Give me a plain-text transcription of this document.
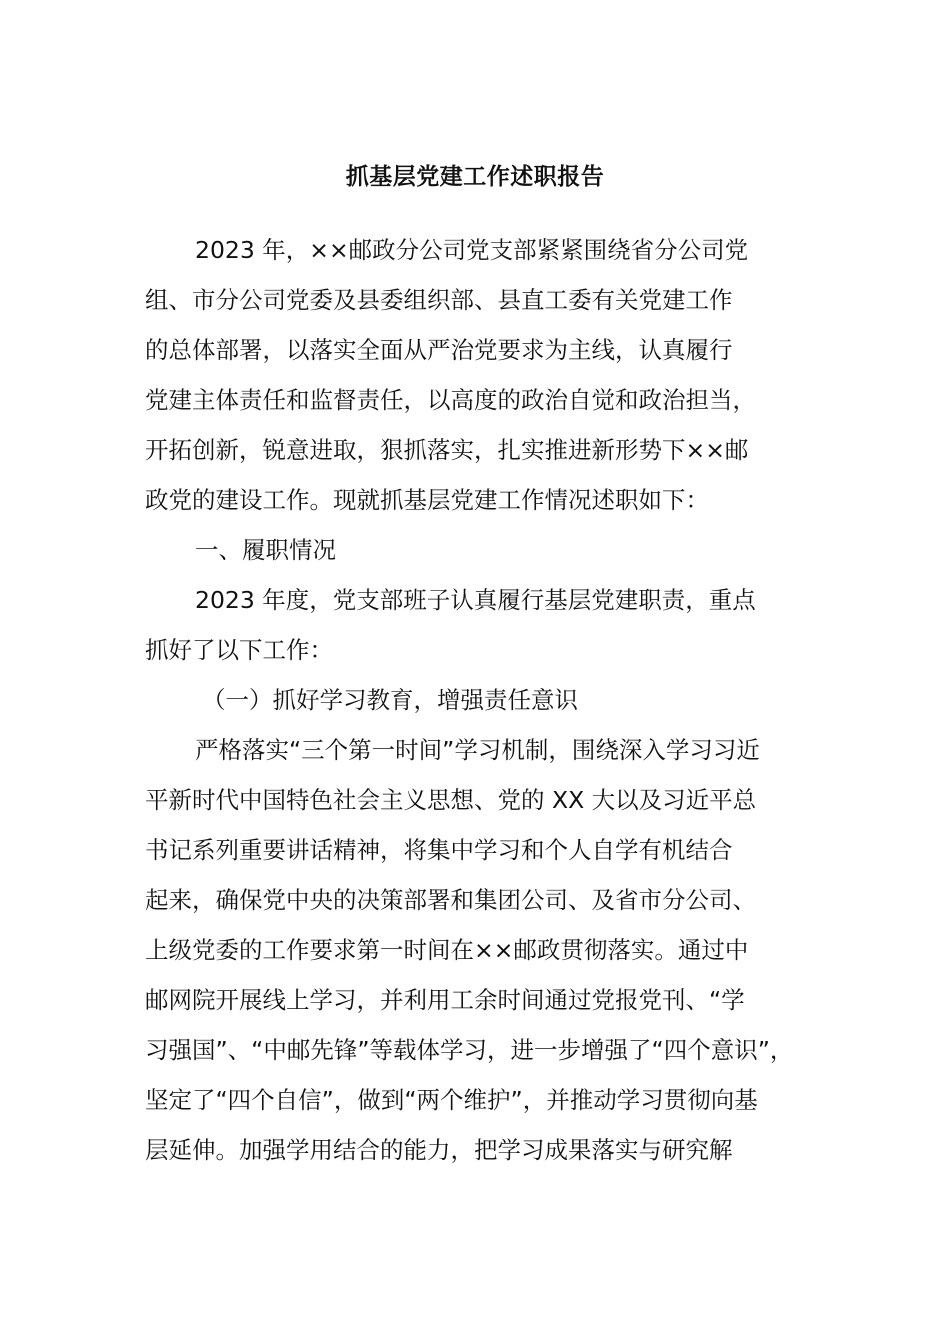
抓基层党建工作述职报告
2023 年，××邮政分公司党支部紧紧围绕省分公司党
组、市分公司党委及县委组织部、县直工委有关党建工作
的总体部署，以落实全面从严治党要求为主线，认真履行
党建主体责任和监督责任，以高度的政治自觉和政治担当，
开拓创新，锐意进取，狠抓落实，扎实推进新形势下××邮
政党的建设工作。现就抓基层党建工作情况述职如下：
一、履职情况
2023 年度，党支部班子认真履行基层党建职责，重点
抓好了以下工作：
（一）抓好学习教育，增强责任意识
严格落实“三个第一时间”学习机制，围绕深入学习习近
平新时代中国特色社会主义思想、党的 XX 大以及习近平总
书记系列重要讲话精神，将集中学习和个人自学有机结合
起来，确保党中央的决策部署和集团公司、及省市分公司、
上级党委的工作要求第一时间在××邮政贯彻落实。通过中
邮网院开展线上学习，并利用工余时间通过党报党刊、“学
习强国”、“中邮先锋”等载体学习，进一步增强了“四个意识”，
坚定了“四个自信”，做到“两个维护”，并推动学习贯彻向基
层延伸。加强学用结合的能力，把学习成果落实与研究解
